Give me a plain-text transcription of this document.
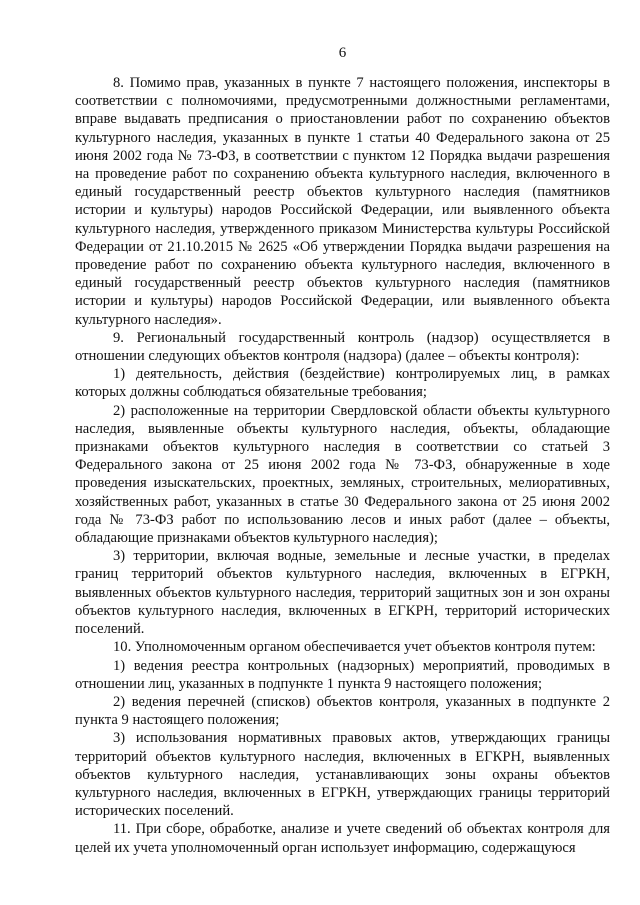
6

8. Помимо прав, указанных в пункте 7 настоящего положения, инспекторы в соответствии с полномочиями, предусмотренными должностными регламентами, вправе выдавать предписания о приостановлении работ по сохранению объектов культурного наследия, указанных в пункте 1 статьи 40 Федерального закона от 25 июня 2002 года № 73-ФЗ, в соответствии с пунктом 12 Порядка выдачи разрешения на проведение работ по сохранению объекта культурного наследия, включенного в единый государственный реестр объектов культурного наследия (памятников истории и культуры) народов Российской Федерации, или выявленного объекта культурного наследия, утвержденного приказом Министерства культуры Российской Федерации от 21.10.2015 № 2625 «Об утверждении Порядка выдачи разрешения на проведение работ по сохранению объекта культурного наследия, включенного в единый государственный реестр объектов культурного наследия (памятников истории и культуры) народов Российской Федерации, или выявленного объекта культурного наследия».

9. Региональный государственный контроль (надзор) осуществляется в отношении следующих объектов контроля (надзора) (далее – объекты контроля):

1) деятельность, действия (бездействие) контролируемых лиц, в рамках которых должны соблюдаться обязательные требования;

2) расположенные на территории Свердловской области объекты культурного наследия, выявленные объекты культурного наследия, объекты, обладающие признаками объектов культурного наследия в соответствии со статьей 3 Федерального закона от 25 июня 2002 года № 73-ФЗ, обнаруженные в ходе проведения изыскательских, проектных, земляных, строительных, мелиоративных, хозяйственных работ, указанных в статье 30 Федерального закона от 25 июня 2002 года № 73-ФЗ работ по использованию лесов и иных работ (далее – объекты, обладающие признаками объектов культурного наследия);

3) территории, включая водные, земельные и лесные участки, в пределах границ территорий объектов культурного наследия, включенных в ЕГРКН, выявленных объектов культурного наследия, территорий защитных зон и зон охраны объектов культурного наследия, включенных в ЕГКРН, территорий исторических поселений.

10. Уполномоченным органом обеспечивается учет объектов контроля путем:

1) ведения реестра контрольных (надзорных) мероприятий, проводимых в отношении лиц, указанных в подпункте 1 пункта 9 настоящего положения;

2) ведения перечней (списков) объектов контроля, указанных в подпункте 2 пункта 9 настоящего положения;

3) использования нормативных правовых актов, утверждающих границы территорий объектов культурного наследия, включенных в ЕГКРН, выявленных объектов культурного наследия, устанавливающих зоны охраны объектов культурного наследия, включенных в ЕГРКН, утверждающих границы территорий исторических поселений.

11. При сборе, обработке, анализе и учете сведений об объектах контроля для целей их учета уполномоченный орган использует информацию, содержащуюся
